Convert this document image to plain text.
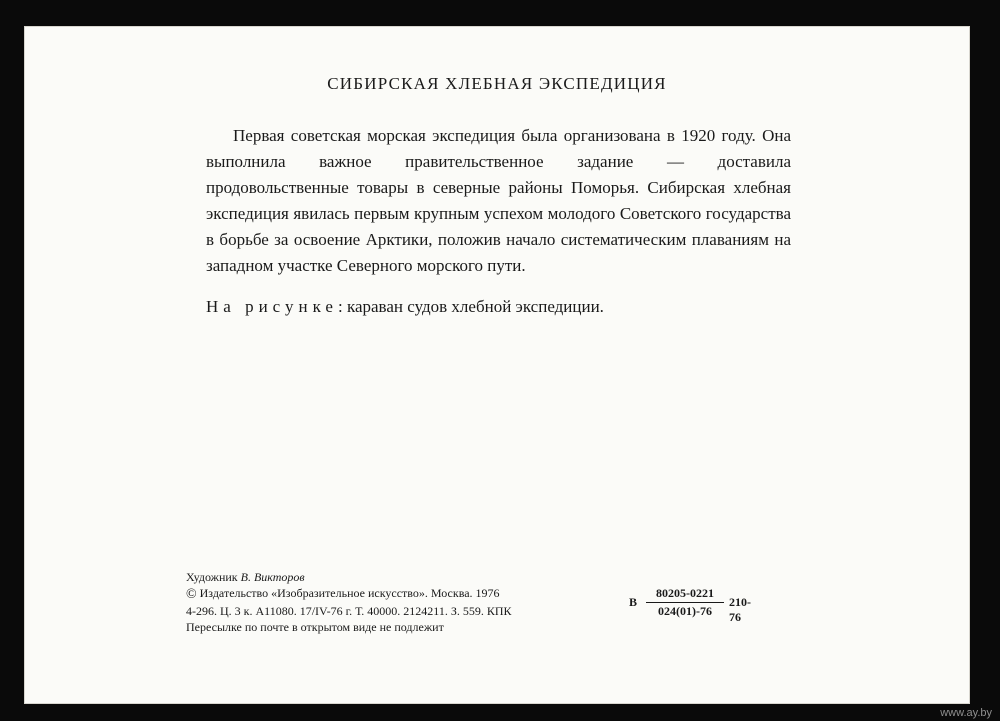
СИБИРСКАЯ ХЛЕБНАЯ ЭКСПЕДИЦИЯ

Первая советская морская экспедиция была организована в 1920 году. Она выполнила важное правительственное задание — доставила продовольственные товары в северные районы Поморья. Сибирская хлебная экспедиция явилась первым крупным успехом молодого Советского государства в борьбе за освоение Арктики, положив начало систематическим плаваниям на западном участке Северного морского пути.

На рисунке: караван судов хлебной экспедиции.

Художник В. Викторов
© Издательство «Изобразительное искусство». Москва. 1976
4-296. Ц. 3 к. А11080. 17/IV-76 г. Т. 40000. 2124211. З. 559. КПК
Пересылке по почте в открытом виде не подлежит
В $\frac{80205-0221}{024(01)-76} 210-76$
www.ay.by
